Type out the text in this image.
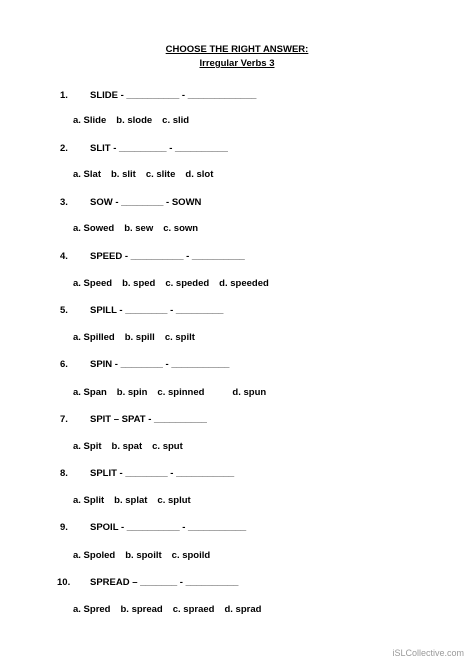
CHOOSE THE RIGHT ANSWER:
Irregular Verbs 3
1. SLIDE - __________ - _____________
a. Slide b. slode c. slid
2. SLIT - _________ - __________
a. Slat b. slit c. slite d. slot
3. SOW - ________ - SOWN
a. Sowed b. sew c. sown
4. SPEED - __________ - __________
a. Speed b. sped c. speded d. speeded
5. SPILL - ________ - _________
a. Spilled b. spill c. spilt
6. SPIN - ________ - ___________
a. Span b. spin c. spinned	d. spun
7. SPIT – SPAT - __________
a. Spit b. spat c. sput
8. SPLIT - ________ - ___________
a. Split b. splat c. splut
9. SPOIL - __________ - ___________
a. Spoled b. spoilt c. spoild
10. SPREAD – _______ - __________
a. Spred b. spread c. spraed d. sprad
iSLCollective.com
